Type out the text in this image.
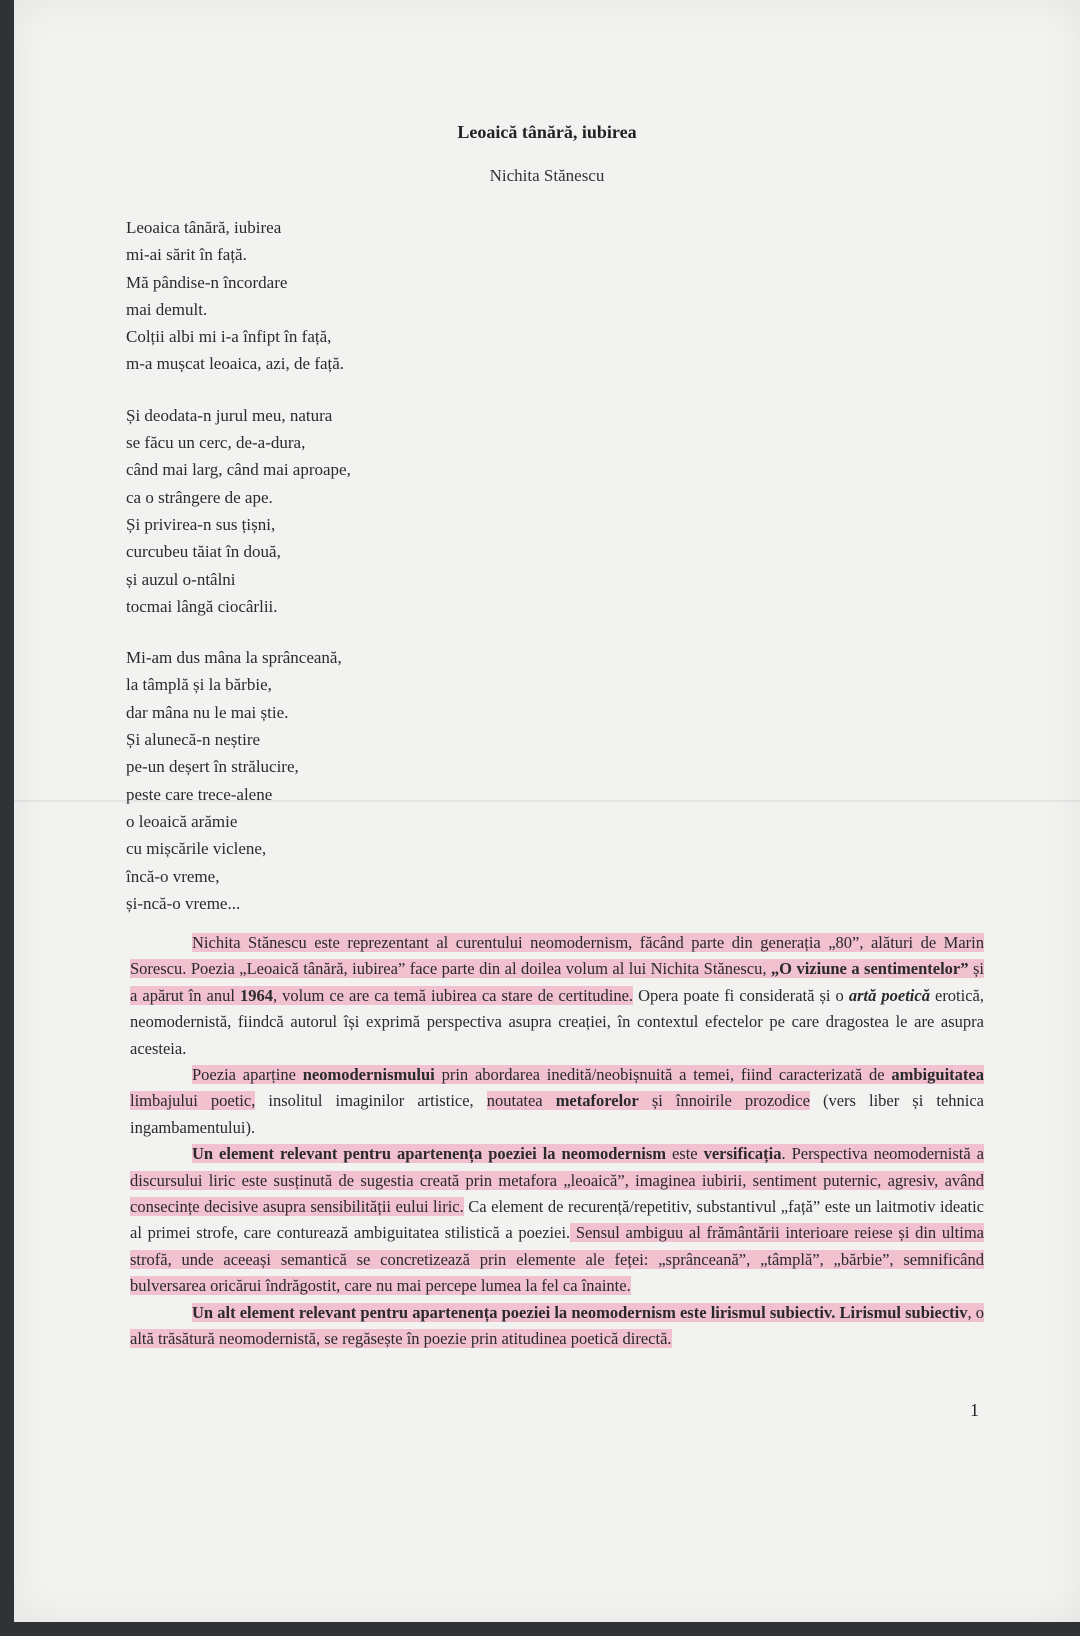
Leoaică tânără, iubirea
Nichita Stănescu
Leoaica tânără, iubirea
mi-ai sărit în față.
Mă pândise-n încordare
mai demult.
Colții albi mi i-a înfipt în față,
m-a mușcat leoaica, azi, de față.
Și deodata-n jurul meu, natura
se făcu un cerc, de-a-dura,
când mai larg, când mai aproape,
ca o strângere de ape.
Și privirea-n sus țișni,
curcubeu tăiat în două,
și auzul o-ntâlni
tocmai lângă ciocârlii.
Mi-am dus mâna la sprânceană,
la tâmplă și la bărbie,
dar mâna nu le mai știe.
Și alunecă-n neștire
pe-un deșert în strălucire,
peste care trece-alene
o leoaică arămie
cu mișcările viclene,
încă-o vreme,
și-ncă-o vreme...

Nichita Stănescu este reprezentant al curentului neomodernism, făcând parte din generația „80”, alături de Marin Sorescu. Poezia „Leoaică tânără, iubirea” face parte din al doilea volum al lui Nichita Stănescu, „O viziune a sentimentelor” și a apărut în anul 1964, volum ce are ca temă iubirea ca stare de certitudine. Opera poate fi considerată și o artă poetică erotică, neomodernistă, fiindcă autorul își exprimă perspectiva asupra creației, în contextul efectelor pe care dragostea le are asupra acesteia.

Poezia aparține neomodernismului prin abordarea inedită/neobișnuită a temei, fiind caracterizată de ambiguitatea limbajului poetic, insolitul imaginilor artistice, noutatea metaforelor și înnoirile prozodice (vers liber și tehnica ingambamentului).

Un element relevant pentru apartenența poeziei la neomodernism este versificația. Perspectiva neomodernistă a discursului liric este susținută de sugestia creată prin metafora „leoaică”, imaginea iubirii, sentiment puternic, agresiv, având consecințe decisive asupra sensibilității eului liric. Ca element de recurență/repetitiv, substantivul „față” este un laitmotiv ideatic al primei strofe, care conturează ambiguitatea stilistică a poeziei. Sensul ambiguu al frământării interioare reiese și din ultima strofă, unde aceeași semantică se concretizează prin elemente ale feței: „sprânceană”, „tâmplă”, „bărbie”, semnificând bulversarea oricărui îndrăgostit, care nu mai percepe lumea la fel ca înainte.

Un alt element relevant pentru apartenența poeziei la neomodernism este lirismul subiectiv. Lirismul subiectiv, o altă trăsătură neomodernistă, se regăsește în poezie prin atitudinea poetică directă.

1
